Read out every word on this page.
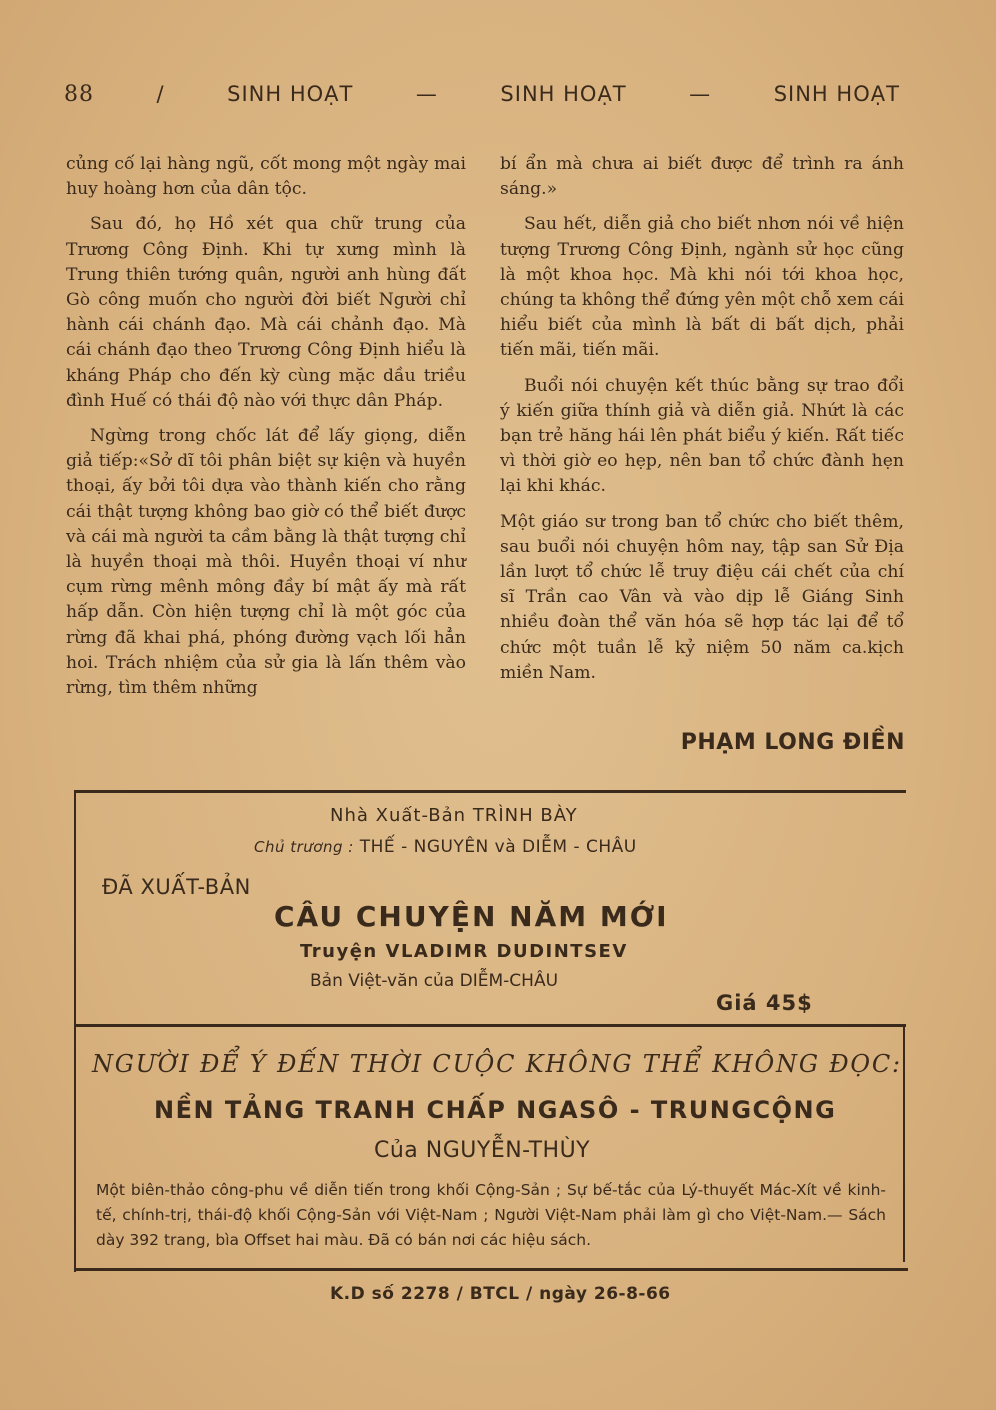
88	/	SINH HOẠT	—	SINH HOẠT	—	SINH HOẠT

củng cố lại hàng ngũ, cốt mong một ngày mai huy hoàng hơn của dân tộc.

Sau đó, họ Hồ xét qua chữ trung của Trương Công Định. Khi tự xưng mình là Trung thiên tướng quân, người anh hùng đất Gò công muốn cho người đời biết Người chỉ hành cái chánh đạo. Mà cái chảnh đạo. Mà cái chánh đạo theo Trương Công Định hiểu là kháng Pháp cho đến kỳ cùng mặc dầu triều đình Huế có thái độ nào với thực dân Pháp.

Ngừng trong chốc lát để lấy giọng, diễn giả tiếp:«Sở dĩ tôi phân biệt sự kiện và huyền thoại, ấy bởi tôi dựa vào thành kiến cho rằng cái thật tượng không bao giờ có thể biết được và cái mà người ta cầm bằng là thật tượng chỉ là huyền thoại mà thôi. Huyền thoại ví như cụm rừng mênh mông đầy bí mật ấy mà rất hấp dẫn. Còn hiện tượng chỉ là một góc của rừng đã khai phá, phóng đường vạch lối hẳn hoi. Trách nhiệm của sử gia là lấn thêm vào rừng, tìm thêm những

bí ẩn mà chưa ai biết được để trình ra ánh sáng.»

Sau hết, diễn giả cho biết nhơn nói về hiện tượng Trương Công Định, ngành sử học cũng là một khoa học. Mà khi nói tới khoa học, chúng ta không thể đứng yên một chỗ xem cái hiểu biết của mình là bất di bất dịch, phải tiến mãi, tiến mãi.

Buổi nói chuyện kết thúc bằng sự trao đổi ý kiến giữa thính giả và diễn giả. Nhứt là các bạn trẻ hăng hái lên phát biểu ý kiến. Rất tiếc vì thời giờ eo hẹp, nên ban tổ chức đành hẹn lại khi khác.

Một giáo sư trong ban tổ chức cho biết thêm, sau buổi nói chuyện hôm nay, tập san Sử Địa lần lượt tổ chức lễ truy điệu cái chết của chí sĩ Trần cao Vân và vào dịp lễ Giáng Sinh nhiều đoàn thể văn hóa sẽ hợp tác lại để tổ chức một tuần lễ kỷ niệm 50 năm ca.kịch miền Nam.

PHẠM LONG ĐIỀN
Nhà Xuất-Bản TRÌNH BÀY
Chủ trương : THẾ - NGUYÊN và DIỄM - CHÂU
ĐÃ XUẤT-BẢN
CÂU CHUYỆN NĂM MỚI
Truyện VLADIMR DUDINTSEV
Bản Việt-văn của DIỄM-CHÂU
Giá 45$
NGƯỜI ĐỂ Ý ĐẾN THỜI CUỘC KHÔNG THỂ KHÔNG ĐỌC:
NỀN TẢNG TRANH CHẤP NGASÔ - TRUNGCỘNG
Của NGUYỄN-THÙY
Một biên-thảo công-phu về diễn tiến trong khối Cộng-Sản ; Sự bế-tắc của Lý-thuyết Mác-Xít về kinh-tế, chính-trị, thái-độ khối Cộng-Sản với Việt-Nam ; Người Việt-Nam phải làm gì cho Việt-Nam.— Sách dày 392 trang, bìa Offset hai màu. Đã có bán nơi các hiệu sách.
K.D số 2278 / BTCL / ngày 26-8-66
